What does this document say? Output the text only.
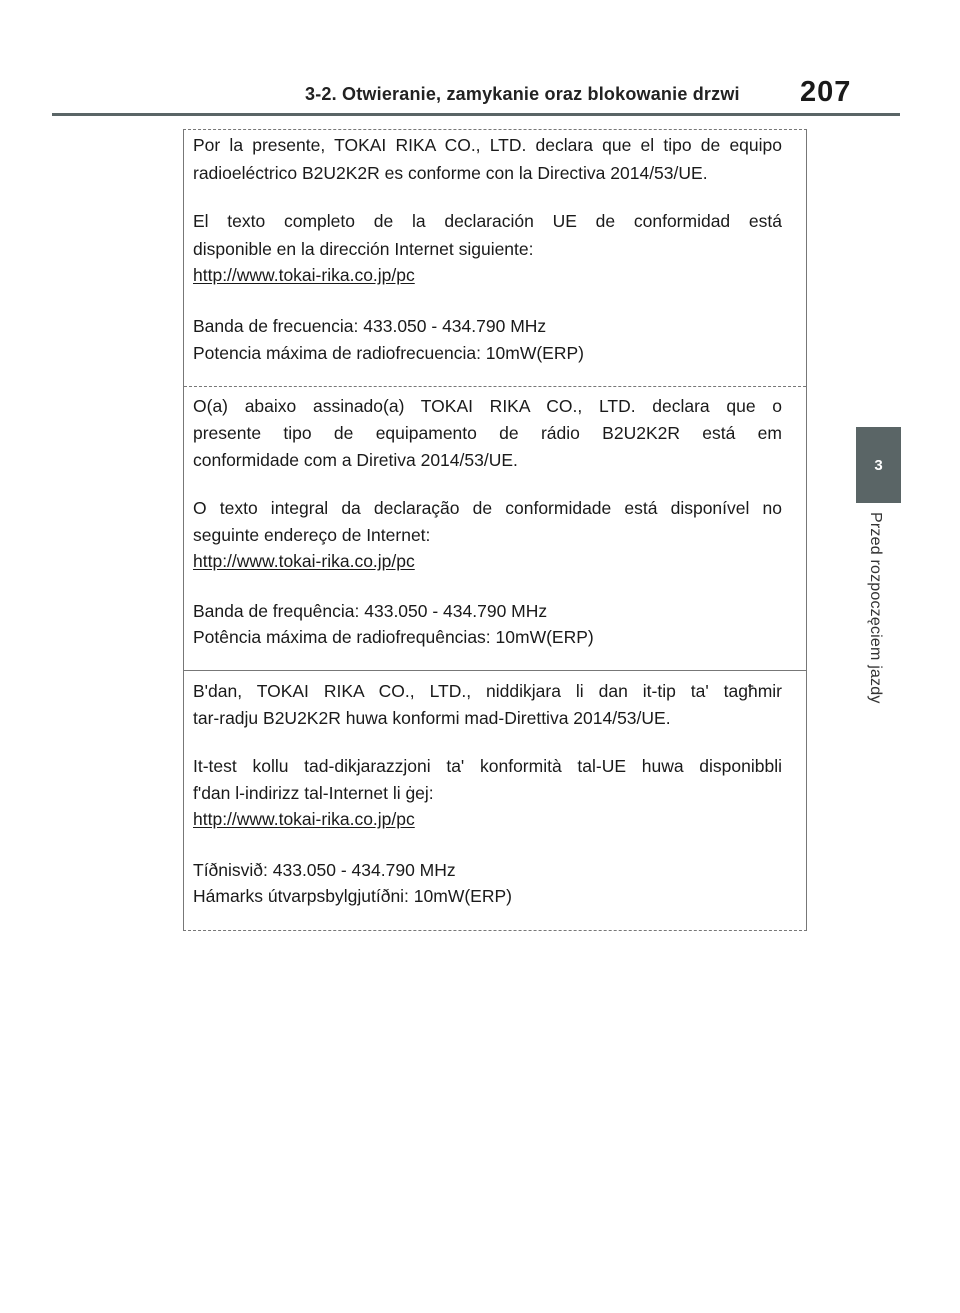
3-2. Otwieranie, zamykanie oraz blokowanie drzwi 207
3
Przed rozpoczęciem jazdy
Por la presente, TOKAI RIKA CO., LTD. declara que el tipo de equipo
radioeléctrico B2U2K2R es conforme con la Directiva 2014/53/UE.
El texto completo de la declaración UE de conformidad está
disponible en la dirección Internet siguiente:
http://www.tokai-rika.co.jp/pc
Banda de frecuencia: 433.050 - 434.790 MHz
Potencia máxima de radiofrecuencia: 10mW(ERP)
O(a) abaixo assinado(a) TOKAI RIKA CO., LTD. declara que o
presente tipo de equipamento de rádio B2U2K2R está em
conformidade com a Diretiva 2014/53/UE.
O texto integral da declaração de conformidade está disponível no
seguinte endereço de Internet:
http://www.tokai-rika.co.jp/pc
Banda de frequência: 433.050 - 434.790 MHz
Potência máxima de radiofrequências: 10mW(ERP)
B'dan, TOKAI RIKA CO., LTD., niddikjara li dan it-tip ta' tagħmir
tar-radju B2U2K2R huwa konformi mad-Direttiva 2014/53/UE.
It-test kollu tad-dikjarazzjoni ta' konformità tal-UE huwa disponibbli
f'dan l-indirizz tal-Internet li ġej:
http://www.tokai-rika.co.jp/pc
Tíðnisvið: 433.050 - 434.790 MHz
Hámarks útvarpsbylgjutíðni: 10mW(ERP)
